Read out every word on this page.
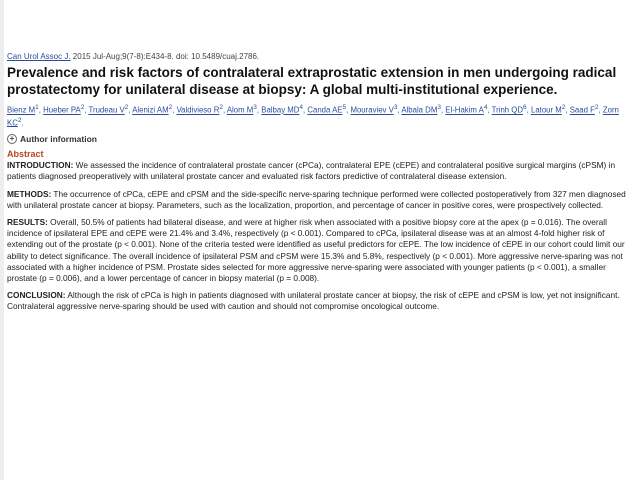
Can Urol Assoc J. 2015 Jul-Aug;9(7-8):E434-8. doi: 10.5489/cuaj.2786.
Prevalence and risk factors of contralateral extraprostatic extension in men undergoing radical prostatectomy for unilateral disease at biopsy: A global multi-institutional experience.
Bienz $M^1$, Hueber $PA^2$, Trudeau $V^2$, Alenizi $AM^2$, Valdivieso $R^2$, Alom $M^3$, Balbay $MD^4$, Canda $AE^5$, Mouraviev $V^3$, Albala $DM^3$, El-Hakim $A^4$, Trinh $QD^6$, Latour $M^2$, Saad $F^2$, Zorn $KC^2$.
+ Author information
Abstract

INTRODUCTION: We assessed the incidence of contralateral prostate cancer (cPCa), contralateral EPE (cEPE) and contralateral positive surgical margins (cPSM) in patients diagnosed preoperatively with unilateral prostate cancer and evaluated risk factors predictive of contralateral disease extension.

METHODS: The occurrence of cPCa, cEPE and cPSM and the side-specific nerve-sparing technique performed were collected postoperatively from 327 men diagnosed with unilateral prostate cancer at biopsy. Parameters, such as the localization, proportion, and percentage of cancer in positive cores, were prospectively collected.

RESULTS: Overall, 50.5% of patients had bilateral disease, and were at higher risk when associated with a positive biopsy core at the apex (p = 0.016). The overall incidence of ipsilateral EPE and cEPE were 21.4% and 3.4%, respectively (p < 0.001). Compared to cPCa, ipsilateral disease was at an almost 4-fold higher risk of extending out of the prostate (p < 0.001). None of the criteria tested were identified as useful predictors for cEPE. The low incidence of cEPE in our cohort could limit our ability to detect significance. The overall incidence of ipsilateral PSM and cPSM were 15.3% and 5.8%, respectively (p < 0.001). More aggressive nerve-sparing was not associated with a higher incidence of PSM. Prostate sides selected for more aggressive nerve-sparing were associated with younger patients (p < 0.001), a smaller prostate (p = 0.006), and a lower percentage of cancer in biopsy material (p = 0.008).

CONCLUSION: Although the risk of cPCa is high in patients diagnosed with unilateral prostate cancer at biopsy, the risk of cEPE and cPSM is low, yet not insignificant. Contralateral aggressive nerve-sparing should be used with caution and should not compromise oncological outcome.
